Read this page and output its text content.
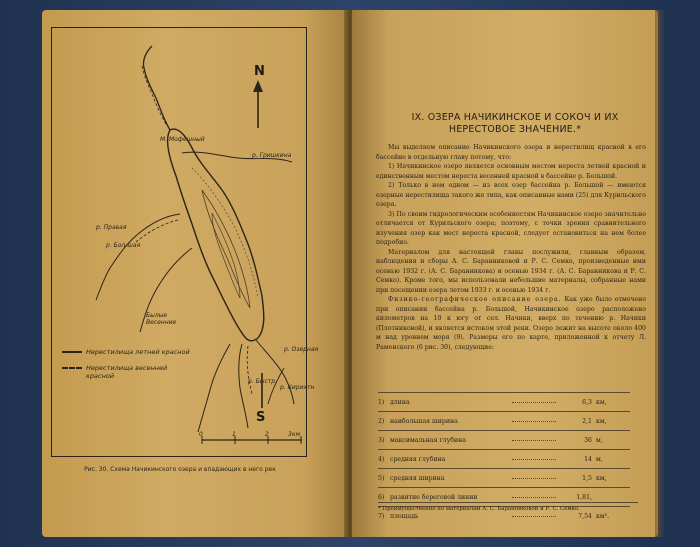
N
S
М. Мофешный
р. Гришкина
р. Правая
р. Бол-шая
Былые Весенние
р. Озерная
р. Быстр.
р. Кирихтн
0	1	2	3км
Нерестилища летней красной
Нерестилища весенней красной
Рис. 30. Схема Начикинского озера и впадающих в него рек
IX. ОЗЕРА НАЧИКИНСКОЕ И СОКОЧ И ИХ НЕРЕСТОВОЕ ЗНАЧЕНИЕ.*

Мы выделяем описание Начикинского озера и нерестилищ красной в его бассейне в отдельную главу потому, что:

1) Начикинское озеро является основным местом нереста летней красной и единственным местом нереста весенней красной в бассейне р. Большой.

2) Только в нем одном — из всех озер бассейна р. Большой — имеются озерные нерестилища такого же типа, как описанные нами (25) для Курильского озера.

3) По своим гидрологическим особенностям Начикинское озеро значительно отличается от Курильского озера; поэтому, с точки зрения сравнительного изучения озер как мест нереста красной, следует остановиться на нем более подробно.

Материалом для настоящей главы послужили, главным образом, наблюдения и сборы А. С. Баранниковой и Р. С. Семко, произведенные ими осенью 1932 г. (А. С. Баранникова) и осенью 1934 г. (А. С. Баранникова и Р. С. Семко). Кроме того, мы использовали небольшие материалы, собранные нами при посещении озера летом 1933 г. и осенью 1934 г.

Физико-географическое описание озера. Как уже было отмечено при описании бассейна р. Большой, Начикинское озеро расположено километров на 10 к югу от сел. Начики, вверх по течению р. Начики (Плотниковой), и является истоком этой реки. Озеро лежит на высоте около 400 м над уровнем моря (9). Размеры его по карте, приложенной к отчету Л. Раменского (6 рис. 30), следующие:

1) длина	6,3 км,
2) наибольшая ширина	2,1 км,
3) максимальная глубина	36 м,
4) средняя глубина	14 м,
5) средняя ширина	1,5 км,
6) развитие береговой линии	1,81,
7) площадь	7,54 км².
* Преимущественно по материалам А. С. Баранниковой и Р. С. Семко.
